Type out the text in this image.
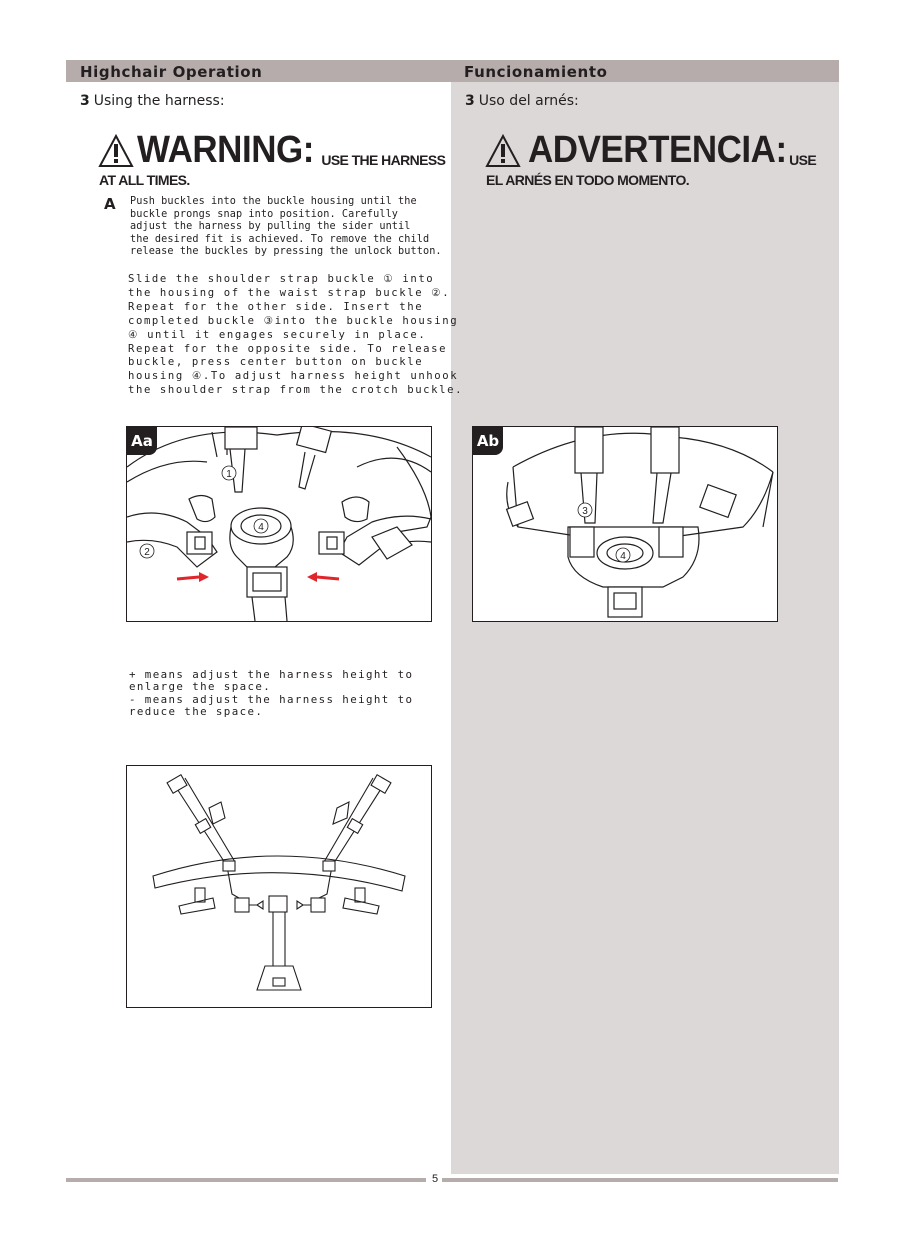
Highchair Operation	Funcionamiento
3 Using the harness:	3 Uso del arnés:
WARNING: USE THE HARNESS
AT ALL TIMES.
ADVERTENCIA: USE
EL ARNÉS EN TODO MOMENTO.
A Push buckles into the buckle housing until the
buckle prongs snap into position. Carefully
adjust the harness by pulling the sider until
the desired fit is achieved. To remove the child
release the buckles by pressing the unlock button.
Slide the shoulder strap buckle ① into
the housing of the waist strap buckle ②.
Repeat for the other side. Insert the
completed buckle ③into the buckle housing
④ until it engages securely in place.
Repeat for the opposite side. To release
buckle, press center button on buckle
housing ④.To adjust harness height unhook
the shoulder strap from the crotch buckle.
1
2
4
Aa
3
4
Ab
+ means adjust the harness height to
enlarge the space.
- means adjust the harness height to
reduce the space.
5
